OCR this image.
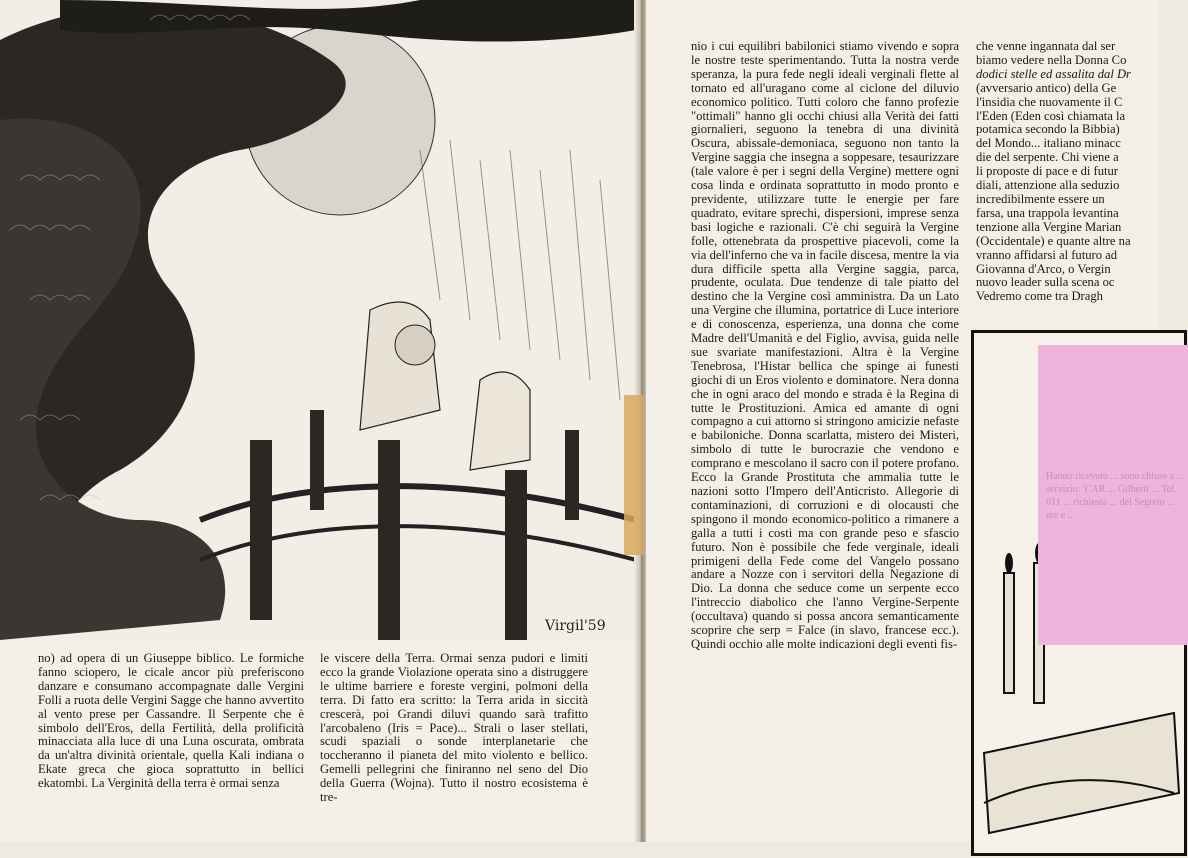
Virgil'59

no) ad opera di un Giuseppe biblico. Le formiche fanno sciopero, le cicale ancor più preferiscono danzare e consumano accompagnate dalle Vergini Folli a ruota delle Vergini Sagge che hanno avvertito al vento prese per Cassandre. Il Serpente che è simbolo dell'Eros, della Fertilità, della prolificità minacciata alla luce di una Luna oscurata, ombrata da un'altra divinità orientale, quella Kali indiana o Ekate greca che gioca soprattutto in bellici ekatombi. La Verginità della terra è ormai senza

le viscere della Terra. Ormai senza pudori e limiti ecco la grande Violazione operata sino a distruggere le ultime barriere e foreste vergini, polmoni della terra. Di fatto era scritto: la Terra arida in siccità crescerà, poi Grandi diluvi quando sarà trafitto l'arcobaleno (Iris = Pace)... Strali o laser stellati, scudi spaziali o sonde interplanetarie che toccheranno il pianeta del mito violento e bellico. Gemelli pellegrini che finiranno nel seno del Dio della Guerra (Wojna). Tutto il nostro ecosistema è tre-

nio i cui equilibri babilonici stiamo vivendo e sopra le nostre teste sperimentando. Tutta la nostra verde speranza, la pura fede negli ideali verginali flette al tornato ed all'uragano come al ciclone del diluvio economico politico. Tutti coloro che fanno profezie "ottimali" hanno gli occhi chiusi alla Verità dei fatti giornalieri, seguono la tenebra di una divinità Oscura, abissale-demoniaca, seguono non tanto la Vergine saggia che insegna a soppesare, tesaurizzare (tale valore è per i segni della Vergine) mettere ogni cosa linda e ordinata soprattutto in modo pronto e previdente, utilizzare tutte le energie per fare quadrato, evitare sprechi, dispersioni, imprese senza basi logiche e razionali. C'è chi seguirà la Vergine folle, ottenebrata da prospettive piacevoli, come la via dell'inferno che va in facile discesa, mentre la via dura difficile spetta alla Vergine saggia, parca, prudente, oculata. Due tendenze di tale piatto del destino che la Vergine così amministra. Da un Lato una Vergine che illumina, portatrice di Luce interiore e di conoscenza, esperienza, una donna che come Madre dell'Umanità e del Figlio, avvisa, guida nelle sue svariate manifestazioni. Altra è la Vergine Tenebrosa, l'Histar bellica che spinge ai funesti giochi di un Eros violento e dominatore. Nera donna che in ogni araco del mondo e strada è la Regina di tutte le Prostituzioni. Amica ed amante di ogni compagno a cui attorno si stringono amicizie nefaste e babiloniche. Donna scarlatta, mistero dei Misteri, simbolo di tutte le burocrazie che vendono e comprano e mescolano il sacro con il potere profano. Ecco la Grande Prostituta che ammalia tutte le nazioni sotto l'Impero dell'Anticristo. Allegorie di contaminazioni, di corruzioni e di olocausti che spingono il mondo economico-politico a rimanere a galla a tutti i costi ma con grande peso e sfascio futuro. Non è possibile che fede verginale, ideali primigeni della Fede come del Vangelo possano andare a Nozze con i servitori della Negazione di Dio. La donna che seduce come un serpente ecco l'intreccio diabolico che l'anno Vergine-Serpente (occultava) quando si possa ancora semanticamente scoprire che serp = Falce (in slavo, francese ecc.). Quindi occhio alle molte indicazioni degli eventi fis-

che venne ingannata dal ser

biamo vedere nella Donna Co

dodici stelle ed assalita dal Dr

(avversario antico) della Ge

l'insidia che nuovamente il C

l'Eden (Eden così chiamata la

potamica secondo la Bibbia)

del Mondo... italiano minacc

die del serpente. Chi viene a

li proposte di pace e di futur

diali, attenzione alla seduzio

incredibilmente essere un

farsa, una trappola levantina

tenzione alla Vergine Marian

(Occidentale) e quante altre na

vranno affidarsi al futuro ad

Giovanna d'Arco, o Vergin

nuovo leader sulla scena oc

Vedremo come tra Dragh

Hanno ricevuto ... sono chiuse a ... servizio: 'CAR ... Gilberti ... Tel. 011 ... richiesta ... del Segreto ... ere e ...
